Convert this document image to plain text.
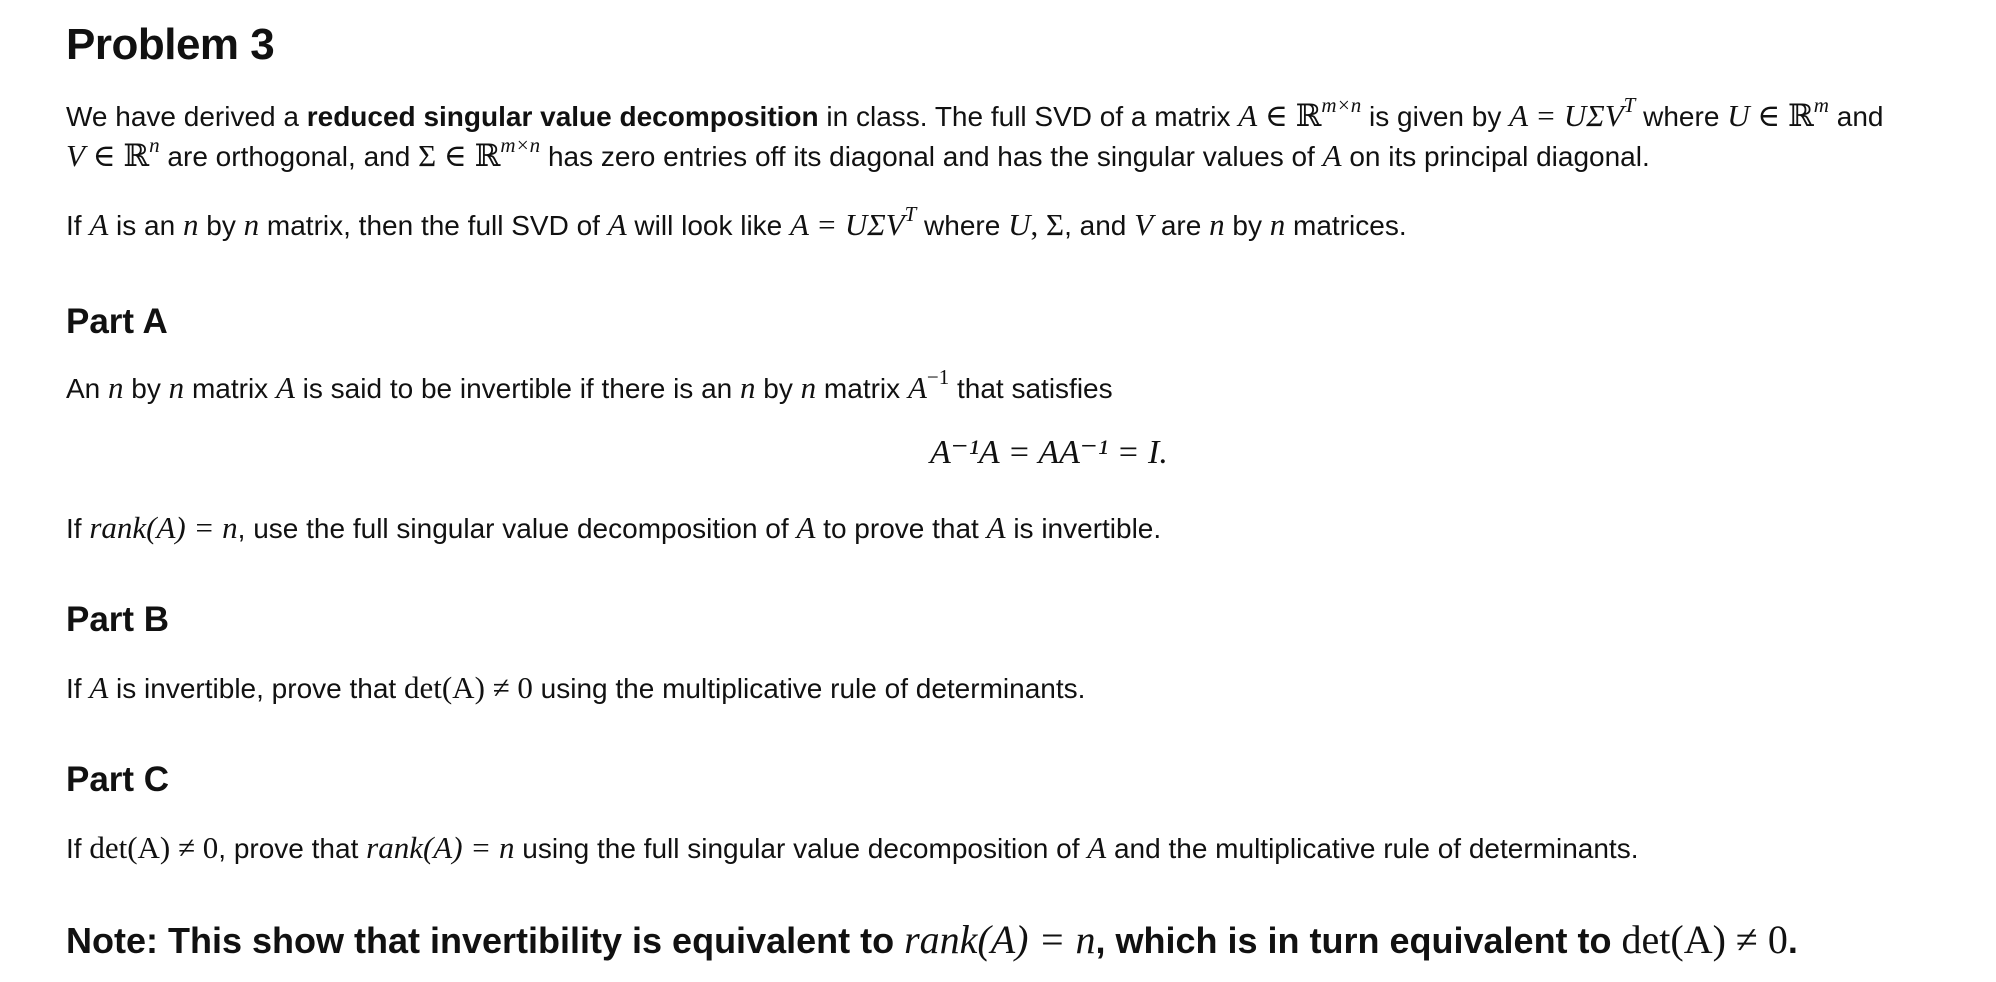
Problem 3
We have derived a reduced singular value decomposition in class. The full SVD of a matrix A ∈ ℝ$^{m\times n}$ is given by $A = U\Sigma V^T$ where U ∈ ℝ$^m$ and
V ∈ ℝ$^n$ are orthogonal, and Σ ∈ ℝ$^{m\times n}$ has zero entries off its diagonal and has the singular values of A on its principal diagonal.
If A is an n by n matrix, then the full SVD of A will look like $A = U\Sigma V^T$ where U, Σ, and V are n by n matrices.
Part A
An n by n matrix A is said to be invertible if there is an n by n matrix $A^{-1}$ that satisfies
A⁻¹A = AA⁻¹ = I.
If rank(A) = n, use the full singular value decomposition of A to prove that A is invertible.
Part B
If A is invertible, prove that det(A) ≠ 0 using the multiplicative rule of determinants.
Part C
If det(A) ≠ 0, prove that rank(A) = n using the full singular value decomposition of A and the multiplicative rule of determinants.
Note: This show that invertibility is equivalent to rank(A) = n, which is in turn equivalent to det(A) ≠ 0.
